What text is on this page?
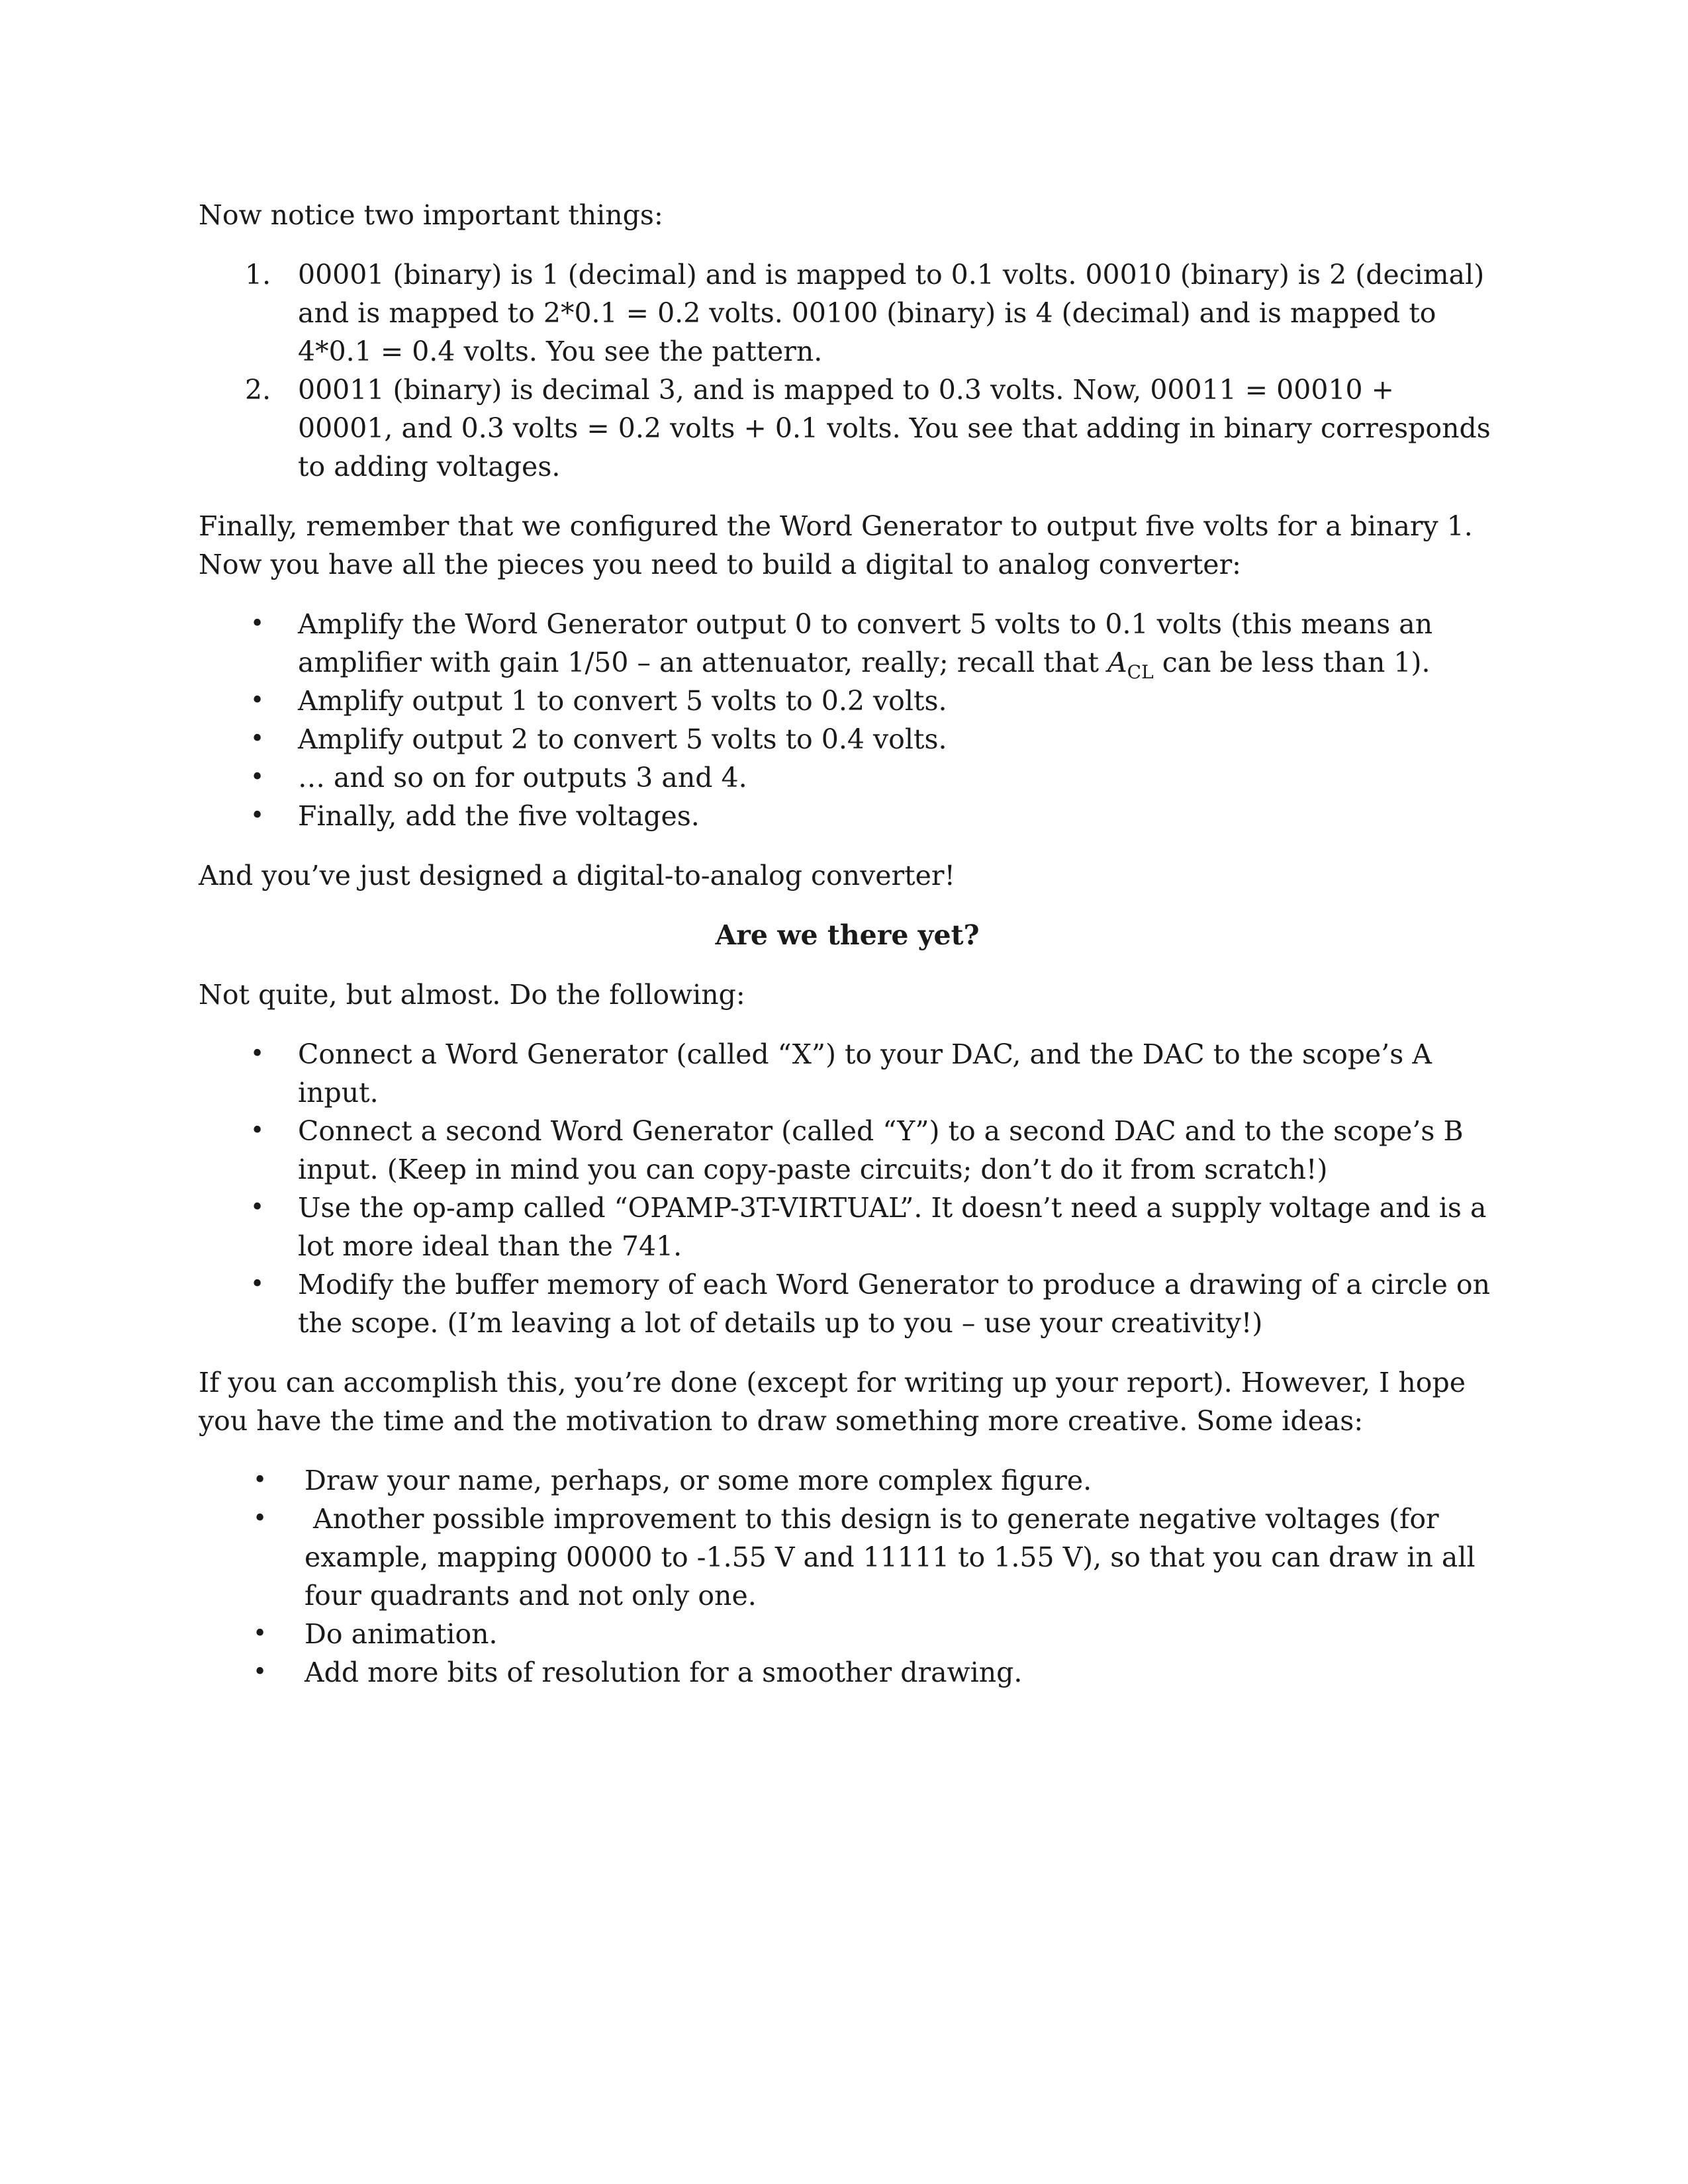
Now notice two important things:

1. 00001 (binary) is 1 (decimal) and is mapped to 0.1 volts. 00010 (binary) is 2 (decimal) and is mapped to 2*0.1 = 0.2 volts. 00100 (binary) is 4 (decimal) and is mapped to 4*0.1 = 0.4 volts. You see the pattern.
2. 00011 (binary) is decimal 3, and is mapped to 0.3 volts. Now, 00011 = 00010 + 00001, and 0.3 volts = 0.2 volts + 0.1 volts. You see that adding in binary corresponds to adding voltages.

Finally, remember that we configured the Word Generator to output five volts for a binary 1. Now you have all the pieces you need to build a digital to analog converter:

• Amplify the Word Generator output 0 to convert 5 volts to 0.1 volts (this means an amplifier with gain 1/50 – an attenuator, really; recall that $A_{CL}$ can be less than 1).
• Amplify output 1 to convert 5 volts to 0.2 volts.
• Amplify output 2 to convert 5 volts to 0.4 volts.
• … and so on for outputs 3 and 4.
• Finally, add the five voltages.

And you’ve just designed a digital-to-analog converter!

Are we there yet?

Not quite, but almost. Do the following:

• Connect a Word Generator (called “X”) to your DAC, and the DAC to the scope’s A input.
• Connect a second Word Generator (called “Y”) to a second DAC and to the scope’s B input. (Keep in mind you can copy-paste circuits; don’t do it from scratch!)
• Use the op-amp called “OPAMP-3T-VIRTUAL”. It doesn’t need a supply voltage and is a lot more ideal than the 741.
• Modify the buffer memory of each Word Generator to produce a drawing of a circle on the scope. (I’m leaving a lot of details up to you – use your creativity!)

If you can accomplish this, you’re done (except for writing up your report). However, I hope you have the time and the motivation to draw something more creative. Some ideas:

• Draw your name, perhaps, or some more complex figure.
• Another possible improvement to this design is to generate negative voltages (for example, mapping 00000 to -1.55 V and 11111 to 1.55 V), so that you can draw in all four quadrants and not only one.
• Do animation.
• Add more bits of resolution for a smoother drawing.
